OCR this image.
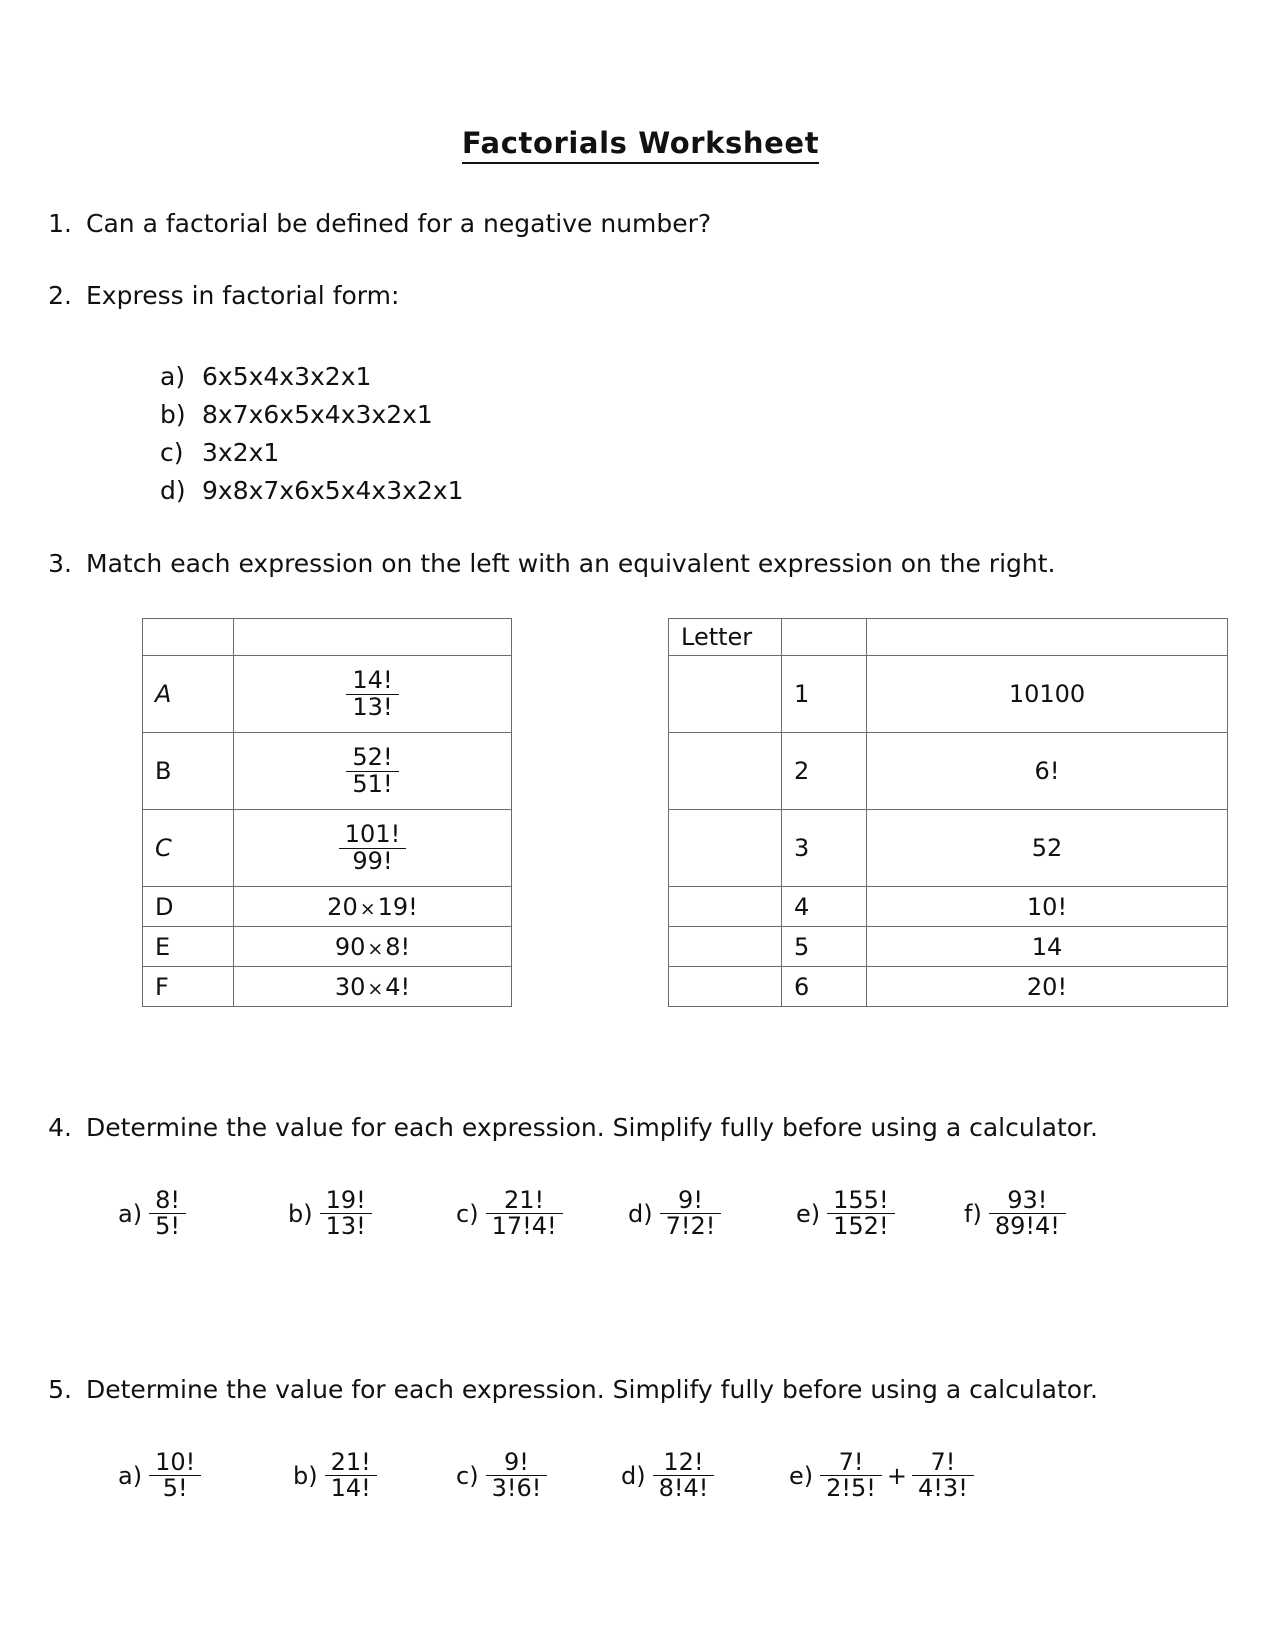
Factorials Worksheet
1. Can a factorial be defined for a negative number?
2. Express in factorial form:
a) 6x5x4x3x2x1
b) 8x7x6x5x4x3x2x1
c) 3x2x1
d) 9x8x7x6x5x4x3x2x1
3. Match each expression on the left with an equivalent expression on the right.

A	$\frac{14!}{13!}$

B	$\frac{52!}{51!}$

C	$\frac{101!}{99!}$

D	20 ×19!
E	90 ×8!
F	30 ×4!
Letter		
	1	10100
	2	6!
	3	52
	4	10!
	5	14
	6	20!
4. Determine the value for each expression. Simplify fully before using a calculator.
$a) \frac{8!}{5!}$	$b) \frac{19!}{13!}$	$c) \frac{21!}{17!4!}$	$d) \frac{9!}{7!2!}$	$e) \frac{155!}{152!}$	$f) \frac{93!}{89!4!}$
5. Determine the value for each expression. Simplify fully before using a calculator.
$a) \frac{10!}{5!}$	$b) \frac{21!}{14!}$	$c) \frac{9!}{3!6!}$	$d) \frac{12!}{8!4!}$	$e) \frac{7!}{2!5!} + \frac{7!}{4!3!}$
